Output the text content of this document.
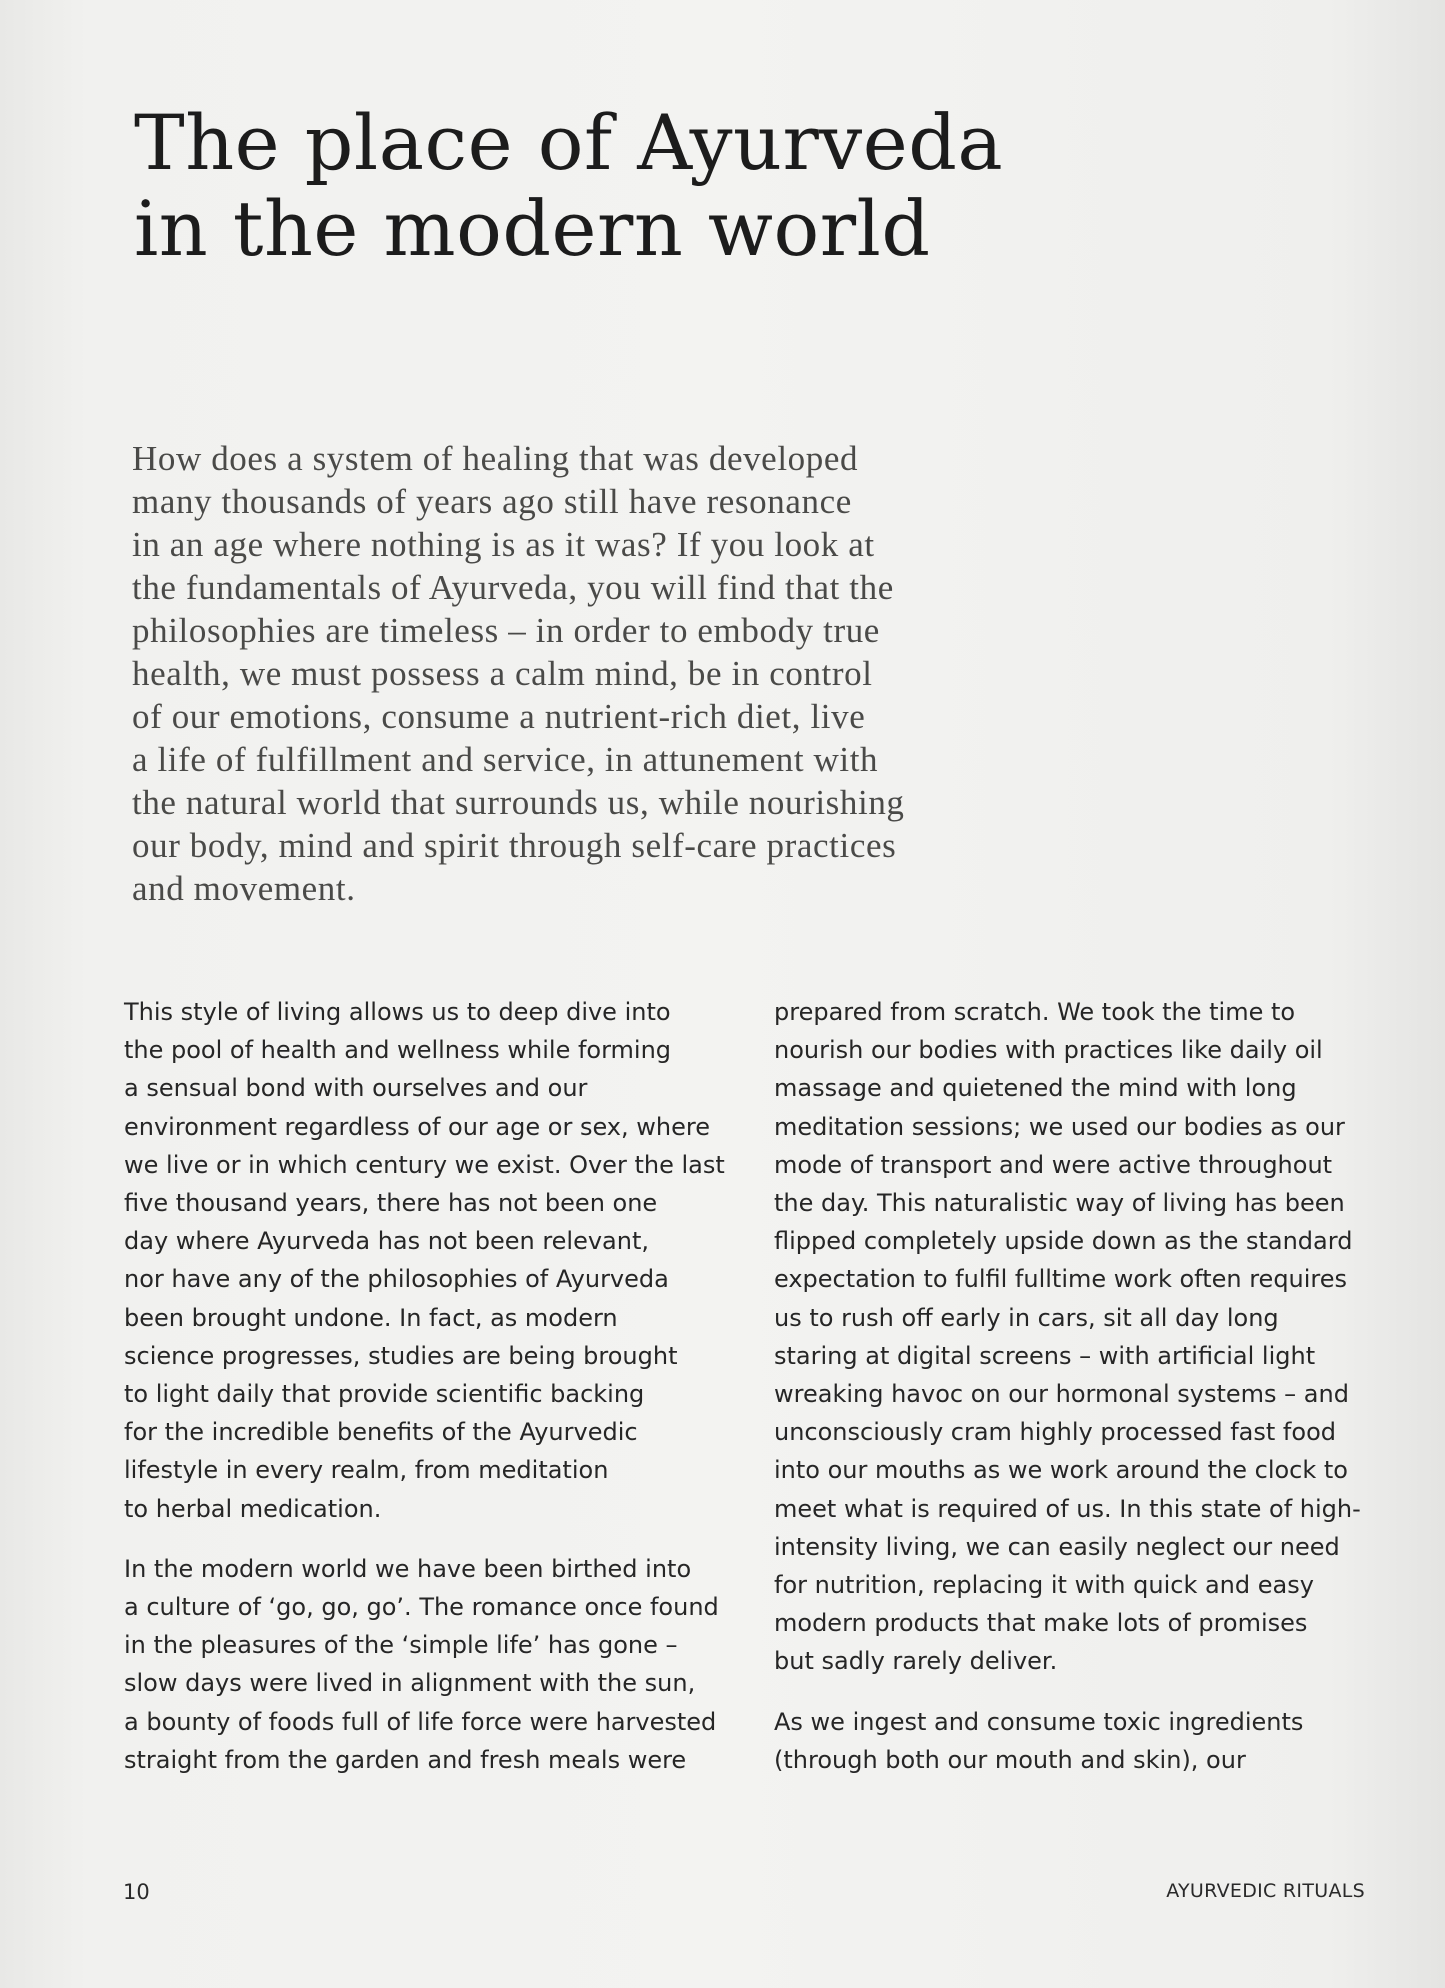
The place of Ayurveda
in the modern world
How does a system of healing that was developed
many thousands of years ago still have resonance
in an age where nothing is as it was? If you look at
the fundamentals of Ayurveda, you will find that the
philosophies are timeless – in order to embody true
health, we must possess a calm mind, be in control
of our emotions, consume a nutrient-rich diet, live
a life of fulfillment and service, in attunement with
the natural world that surrounds us, while nourishing
our body, mind and spirit through self-care practices
and movement.

This style of living allows us to deep dive into
the pool of health and wellness while forming
a sensual bond with ourselves and our
environment regardless of our age or sex, where
we live or in which century we exist. Over the last
five thousand years, there has not been one
day where Ayurveda has not been relevant,
nor have any of the philosophies of Ayurveda
been brought undone. In fact, as modern
science progresses, studies are being brought
to light daily that provide scientific backing
for the incredible benefits of the Ayurvedic
lifestyle in every realm, from meditation
to herbal medication.

In the modern world we have been birthed into
a culture of ‘go, go, go’. The romance once found
in the pleasures of the ‘simple life’ has gone –
slow days were lived in alignment with the sun,
a bounty of foods full of life force were harvested
straight from the garden and fresh meals were

prepared from scratch. We took the time to
nourish our bodies with practices like daily oil
massage and quietened the mind with long
meditation sessions; we used our bodies as our
mode of transport and were active throughout
the day. This naturalistic way of living has been
flipped completely upside down as the standard
expectation to fulfil fulltime work often requires
us to rush off early in cars, sit all day long
staring at digital screens – with artificial light
wreaking havoc on our hormonal systems – and
unconsciously cram highly processed fast food
into our mouths as we work around the clock to
meet what is required of us. In this state of high-
intensity living, we can easily neglect our need
for nutrition, replacing it with quick and easy
modern products that make lots of promises
but sadly rarely deliver.

As we ingest and consume toxic ingredients
(through both our mouth and skin), our

10	AYURVEDIC RITUALS
